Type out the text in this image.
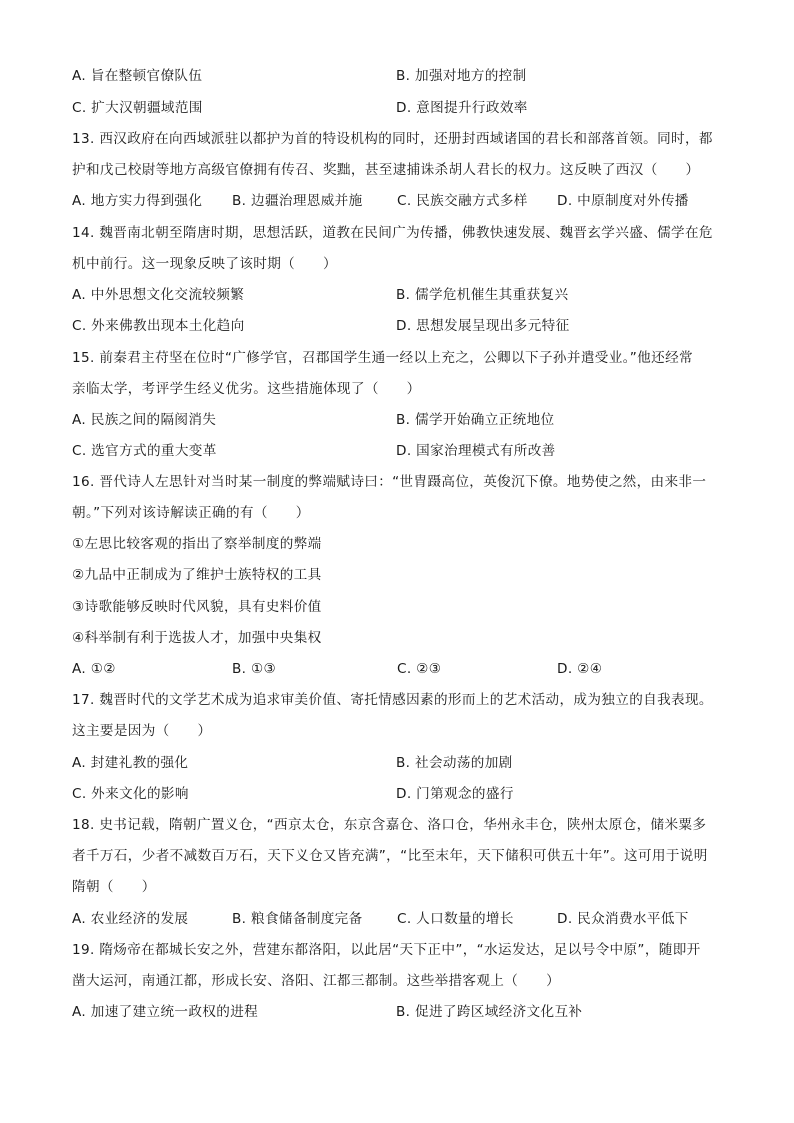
A. 旨在整顿官僚队伍	B. 加强对地方的控制
C. 扩大汉朝疆域范围	D. 意图提升行政效率
13. 西汉政府在向西域派驻以都护为首的特设机构的同时，还册封西域诸国的君长和部落首领。同时，都
护和戊己校尉等地方高级官僚拥有传召、奖黜，甚至逮捕诛杀胡人君长的权力。这反映了西汉（　　）
A. 地方实力得到强化 B. 边疆治理恩威并施	C. 民族交融方式多样 D. 中原制度对外传播
14. 魏晋南北朝至隋唐时期，思想活跃，道教在民间广为传播，佛教快速发展、魏晋玄学兴盛、儒学在危
机中前行。这一现象反映了该时期（　　）
A. 中外思想文化交流较频繁	B. 儒学危机催生其重获复兴
C. 外来佛教出现本土化趋向	D. 思想发展呈现出多元特征
15. 前秦君主苻坚在位时“广修学官，召郡国学生通一经以上充之，公卿以下子孙并遣受业。”他还经常
亲临太学，考评学生经义优劣。这些措施体现了（　　）
A. 民族之间的隔阂消失	B. 儒学开始确立正统地位
C. 选官方式的重大变革	D. 国家治理模式有所改善
16. 晋代诗人左思针对当时某一制度的弊端赋诗曰：“世胄蹑高位，英俊沉下僚。地势使之然，由来非一
朝。”下列对该诗解读正确的有（　　）
①左思比较客观的指出了察举制度的弊端
②九品中正制成为了维护士族特权的工具
③诗歌能够反映时代风貌，具有史料价值
④科举制有利于选拔人才，加强中央集权
A. ①②	B. ①③	C. ②③	D. ②④
17. 魏晋时代的文学艺术成为追求审美价值、寄托情感因素的形而上的艺术活动，成为独立的自我表现。
这主要是因为（　　）
A. 封建礼教的强化	B. 社会动荡的加剧
C. 外来文化的影响	D. 门第观念的盛行
18. 史书记载，隋朝广置义仓，“西京太仓，东京含嘉仓、洛口仓，华州永丰仓，陕州太原仓，储米粟多
者千万石，少者不减数百万石，天下义仓又皆充满”，“比至末年，天下储积可供五十年”。这可用于说明
隋朝（　　）
A. 农业经济的发展	B. 粮食储备制度完备	C. 人口数量的增长	D. 民众消费水平低下
19. 隋炀帝在都城长安之外，营建东都洛阳，以此居“天下正中”，“水运发达，足以号令中原”，随即开
凿大运河，南通江都，形成长安、洛阳、江都三都制。这些举措客观上（　　）
A. 加速了建立统一政权的进程	B. 促进了跨区域经济文化互补
